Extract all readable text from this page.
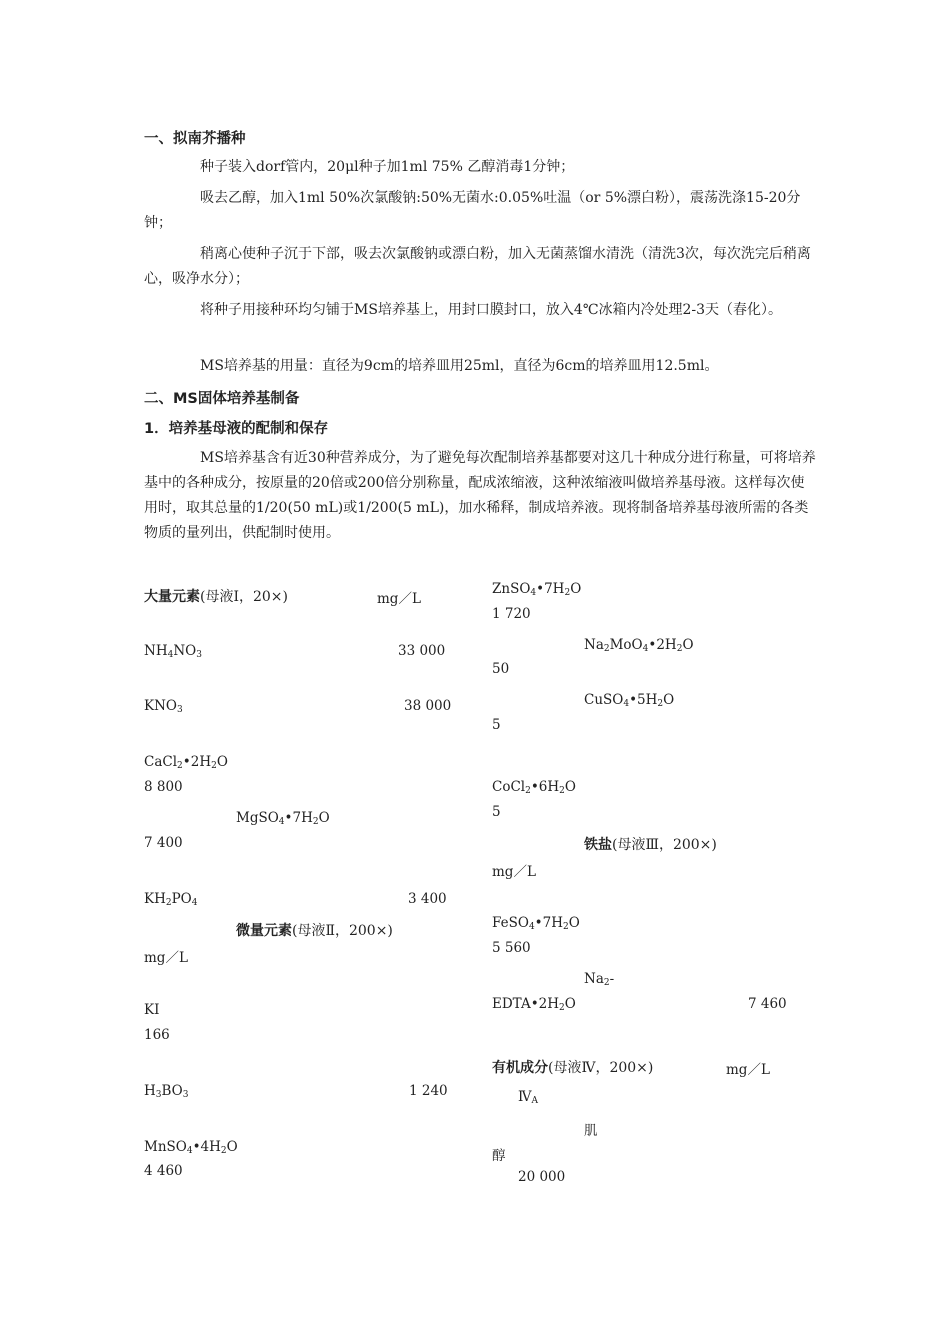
一、拟南芥播种
种子装入dorf管内，20μl种子加1ml 75% 乙醇消毒1分钟；
吸去乙醇，加入1ml 50%次氯酸钠:50%无菌水:0.05%吐温（or 5%漂白粉），震荡洗涤15-20分钟；
稍离心使种子沉于下部，吸去次氯酸钠或漂白粉，加入无菌蒸馏水清洗（清洗3次，每次洗完后稍离心，吸净水分）；
将种子用接种环均匀铺于MS培养基上，用封口膜封口，放入4℃冰箱内冷处理2-3天（春化）。
MS培养基的用量：直径为9cm的培养皿用25ml，直径为6cm的培养皿用12.5ml。
二、MS固体培养基制备
1．培养基母液的配制和保存
MS培养基含有近30种营养成分，为了避免每次配制培养基都要对这几十种成分进行称量，可将培养基中的各种成分，按原量的20倍或200倍分别称量，配成浓缩液，这种浓缩液叫做培养基母液。这样每次使用时，取其总量的1/20(50 mL)或1/200(5 mL)，加水稀释，制成培养液。现将制备培养基母液所需的各类物质的量列出，供配制时使用。
大量元素(母液Ⅰ，20×)	mg／L
$NH_4NO_3$	33 000
$KNO_3$	38 000
$CaCl_2•2H_2O$
8 800
$MgSO_4•7H_2O$
7 400
$KH_2PO_4$	3 400
微量元素(母液Ⅱ，200×)
mg／L
KI
166
$H_3BO_3$	1 240
$MnSO_4•4H_2O$
4 460
$ZnSO_4•7H_2O$
1 720
$Na_2MoO_4•2H_2O$
50
$CuSO_4•5H_2O$
5
$CoCl_2•6H_2O$
5
铁盐(母液Ⅲ，200×)
mg／L
$FeSO_4•7H_2O$
5 560
$Na_2-$
$EDTA•2H_2O$	7 460
有机成分(母液Ⅳ，200×)	mg／L
$Ⅳ_A$
肌
醇
20 000
